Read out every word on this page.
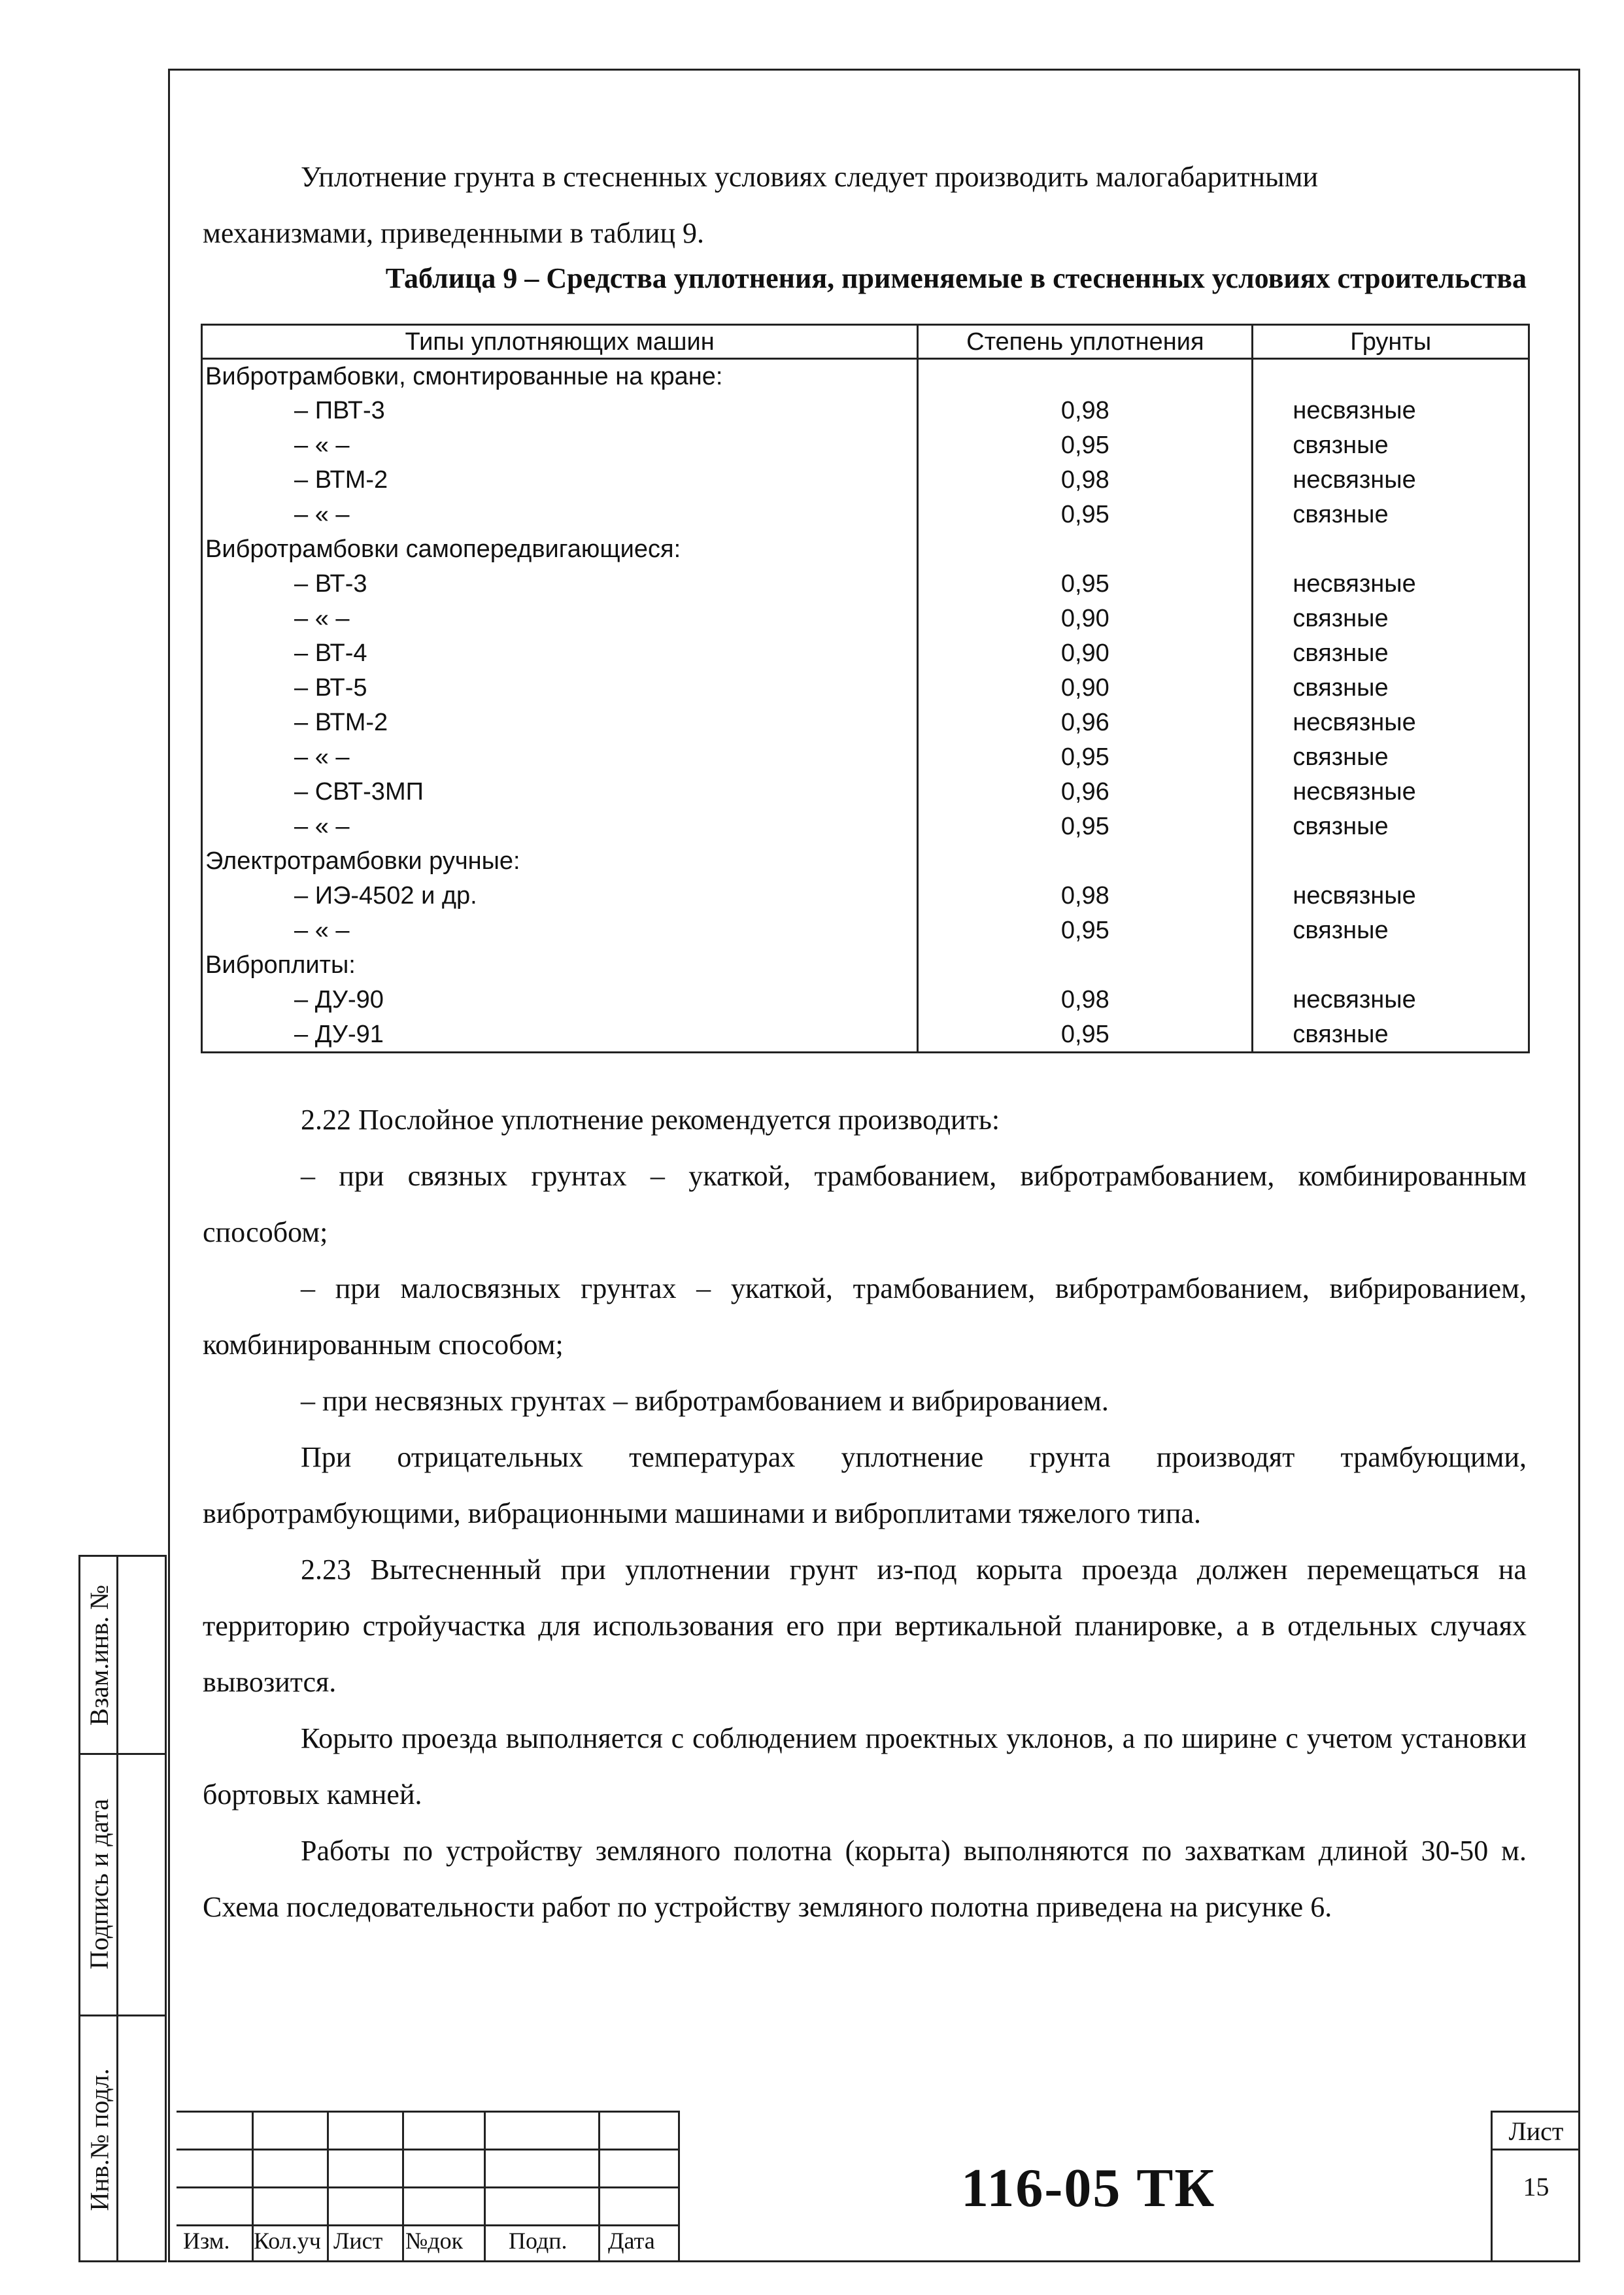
Уплотнение грунта в стесненных условиях следует производить малогабаритными
механизмами, приведенными в таблиц 9.
Таблица 9 – Средства уплотнения, применяемые в стесненных условиях строительства
Типы уплотняющих машин	Степень уплотнения	Грунты
Вибротрамбовки, смонтированные на кране:		
– ПВТ-3	0,98	несвязные
– « –	0,95	связные
– ВТМ-2	0,98	несвязные
– « –	0,95	связные
Вибротрамбовки самопередвигающиеся:		
– ВТ-3	0,95	несвязные
– « –	0,90	связные
– ВТ-4	0,90	связные
– ВТ-5	0,90	связные
– ВТМ-2	0,96	несвязные
– « –	0,95	связные
– СВТ-3МП	0,96	несвязные
– « –	0,95	связные
Электротрамбовки ручные:		
– ИЭ-4502 и др.	0,98	несвязные
– « –	0,95	связные
Виброплиты:		
– ДУ-90	0,98	несвязные
– ДУ-91	0,95	связные
2.22 Послойное уплотнение рекомендуется производить:
– при связных грунтах – укаткой, трамбованием, вибротрамбованием, комбинированным способом;
– при малосвязных грунтах – укаткой, трамбованием, вибротрамбованием, вибрированием, комбинированным способом;
– при несвязных грунтах – вибротрамбованием и вибрированием.
При отрицательных температурах уплотнение грунта производят трамбующими, вибротрамбующими, вибрационными машинами и виброплитами тяжелого типа.
2.23 Вытесненный при уплотнении грунт из-под корыта проезда должен перемещаться на территорию стройучастка для использования его при вертикальной планировке, а в отдельных случаях вывозится.
Корыто проезда выполняется с соблюдением проектных уклонов, а по ширине с учетом установки бортовых камней.
Работы по устройству земляного полотна (корыта) выполняются по захваткам длиной 30-50 м. Схема последовательности работ по устройству земляного полотна приведена на рисунке 6.
Взам.инв. №
Подпись и дата
Инв.№ подл.
Изм. Кол.уч Лист №док Подп. Дата
116-05 ТК
Лист
15
